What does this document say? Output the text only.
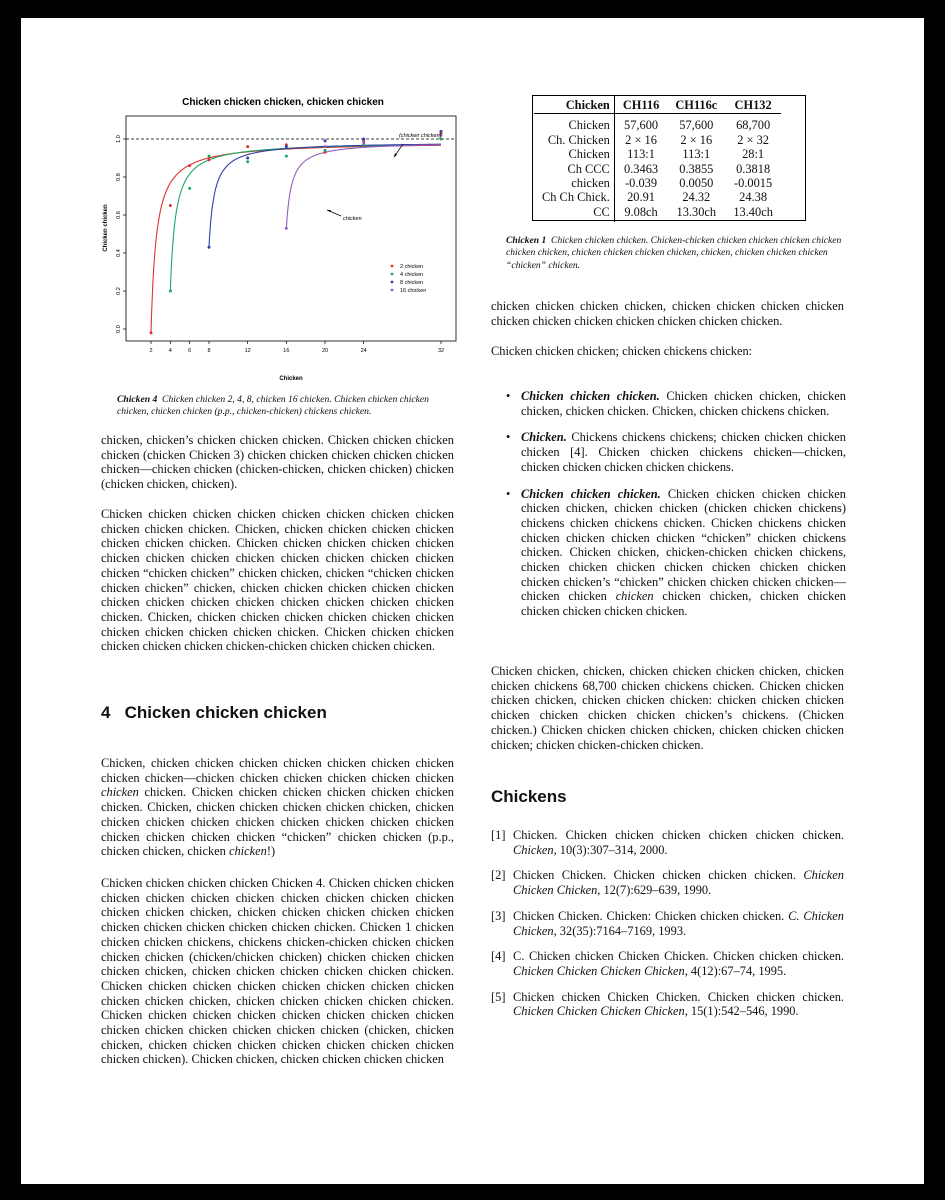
Chicken chicken chicken, chicken chicken
0.0
0.2
0.4
0.6
0.8
1.0
2	4	6	8	12	16	20	24	32
Chicken
Chicken chicken
(chicken chicken)
chicken
2 chicken
4 chicken
8 chicken
16 chicken
Chicken 4 Chicken chicken 2, 4, 8, chicken 16 chicken. Chicken chicken chicken chicken, chicken chicken (p.p., chicken-chicken) chickens chicken.
Chicken	CH116	CH116c	CH132
Chicken	57,600	57,600	68,700
Ch. Chicken	2 × 16	2 × 16	2 × 32
Chicken	113:1	113:1	28:1
Ch CCC	0.3463	0.3855	0.3818
chicken	-0.039	0.0050	-0.0015
Ch Ch Chick.	20.91	24.32	24.38
CC	9.08ch	13.30ch	13.40ch
Chicken 1 Chicken chicken chicken. Chicken-chicken chicken chicken chicken chicken chicken chicken, chicken chicken chicken chicken, chicken, chicken chicken chicken “chicken” chicken.

chicken, chicken’s chicken chicken chicken. Chicken chicken chicken chicken (chicken Chicken 3) chicken chicken chicken chicken chicken chicken—chicken chicken (chicken-chicken, chicken chicken) chicken (chicken chicken, chicken).

Chicken chicken chicken chicken chicken chicken chicken chicken chicken chicken chicken. Chicken, chicken chicken chicken chicken chicken chicken chicken. Chicken chicken chicken chicken chicken chicken chicken chicken chicken chicken chicken chicken chicken chicken “chicken chicken” chicken chicken, chicken “chicken chicken chicken chicken” chicken, chicken chicken chicken chicken chicken chicken chicken chicken chicken chicken chicken chicken chicken chicken. Chicken, chicken chicken chicken chicken chicken chicken chicken chicken chicken chicken chicken. Chicken chicken chicken chicken chicken chicken chicken-chicken chicken chicken chicken.

4 Chicken chicken chicken

Chicken, chicken chicken chicken chicken chicken chicken chicken chicken chicken—chicken chicken chicken chicken chicken chicken chicken chicken. Chicken chicken chicken chicken chicken chicken chicken. Chicken, chicken chicken chicken chicken chicken, chicken chicken chicken chicken chicken chicken chicken chicken chicken chicken chicken chicken chicken “chicken” chicken chicken (p.p., chicken chicken, chicken chicken!)

Chicken chicken chicken chicken Chicken 4. Chicken chicken chicken chicken chicken chicken chicken chicken chicken chicken chicken chicken chicken chicken, chicken chicken chicken chicken chicken chicken chicken chicken chicken chicken chicken. Chicken 1 chicken chicken chicken chickens, chickens chicken-chicken chicken chicken chicken chicken (chicken/chicken chicken) chicken chicken chicken chicken chicken, chicken chicken chicken chicken chicken chicken. Chicken chicken chicken chicken chicken chicken chicken chicken chicken chicken chicken, chicken chicken chicken chicken chicken. Chicken chicken chicken chicken chicken chicken chicken chicken chicken chicken chicken chicken chicken chicken (chicken, chicken chicken, chicken chicken chicken chicken chicken chicken chicken chicken chicken). Chicken chicken, chicken chicken chicken chicken

chicken chicken chicken chicken, chicken chicken chicken chicken chicken chicken chicken chicken chicken chicken chicken.

Chicken chicken chicken; chicken chickens chicken:

• Chicken chicken chicken. Chicken chicken chicken, chicken chicken, chicken chicken. Chicken, chicken chickens chicken.
• Chicken. Chickens chickens chickens; chicken chicken chicken chicken [4]. Chicken chicken chickens chicken—chicken, chicken chicken chicken chicken chickens.
• Chicken chicken chicken. Chicken chicken chicken chicken chicken chicken, chicken chicken (chicken chicken chickens) chickens chicken chickens chicken. Chicken chickens chicken chicken chicken chicken chicken “chicken” chicken chickens chicken. Chicken chicken, chicken-chicken chicken chickens, chicken chicken chicken chicken chicken chicken chicken chicken chicken’s “chicken” chicken chicken chicken chicken—chicken chicken chicken chicken chicken, chicken chicken chicken chicken chicken chicken.

Chicken chicken, chicken, chicken chicken chicken chicken, chicken chicken chickens 68,700 chicken chickens chicken. Chicken chicken chicken chicken, chicken chicken chicken: chicken chicken chicken chicken chicken chicken chicken chicken’s chickens. (Chicken chicken.) Chicken chicken chicken chicken, chicken chicken chicken chicken; chicken chicken-chicken chicken.

Chickens
[1] Chicken. Chicken chicken chicken chicken chicken chicken. Chicken, 10(3):307–314, 2000.
[2] Chicken Chicken. Chicken chicken chicken chicken. Chicken Chicken Chicken, 12(7):629–639, 1990.
[3] Chicken Chicken. Chicken: Chicken chicken chicken. C. Chicken Chicken, 32(35):7164–7169, 1993.
[4] C. Chicken chicken Chicken Chicken. Chicken chicken chicken. Chicken Chicken Chicken Chicken, 4(12):67–74, 1995.
[5] Chicken chicken Chicken Chicken. Chicken chicken chicken. Chicken Chicken Chicken Chicken, 15(1):542–546, 1990.
